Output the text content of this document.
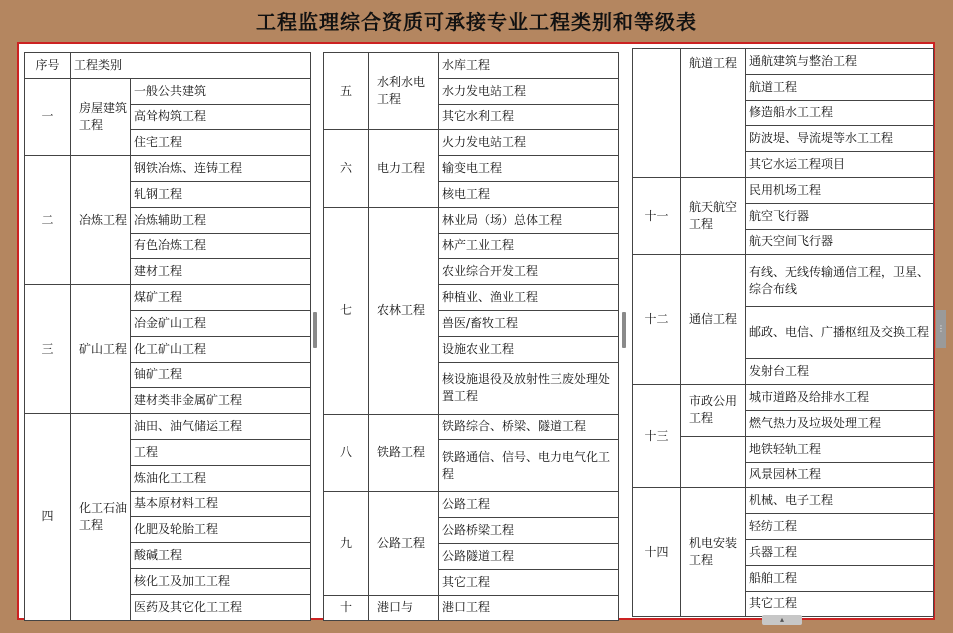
工程监理综合资质可承接专业工程类别和等级表
序号	工程类别	
一	房屋建筑工程	一般公共建筑
		高耸构筑工程
		住宅工程
二	冶炼工程	钢铁冶炼、连铸工程
		轧钢工程
		冶炼辅助工程
		有色冶炼工程
		建材工程
三	矿山工程	煤矿工程
		冶金矿山工程
		化工矿山工程
		铀矿工程
		建材类非金属矿工程
四	化工石油工程	油田、油气储运工程
		工程
		炼油化工工程
		基本原材料工程
		化肥及轮胎工程
		酸碱工程
		核化工及加工工程
		医药及其它化工工程
五	水利水电工程	水库工程
		水力发电站工程
		其它水利工程
六	电力工程	火力发电站工程
		输变电工程
		核电工程
七	农林工程	林业局（场）总体工程
		林产工业工程
		农业综合开发工程
		种植业、渔业工程
		兽医/畜牧工程
		设施农业工程
		核设施退役及放射性三废处理处置工程
八	铁路工程	铁路综合、桥梁、隧道工程
		铁路通信、信号、电力电气化工程
九	公路工程	公路工程
		公路桥梁工程
		公路隧道工程
		其它工程
十	港口与	港口工程
	航道工程	通航建筑与整治工程
		航道工程
		修造船水工工程
		防波堤、导流堤等水工工程
		其它水运工程项目
十一	航天航空工程	民用机场工程
		航空飞行器
		航天空间飞行器
十二	通信工程	有线、无线传输通信工程，卫星、综合布线
		邮政、电信、广播枢纽及交换工程
		发射台工程
十三	市政公用工程	城市道路及给排水工程
		燃气热力及垃圾处理工程
		地铁轻轨工程
		风景园林工程
十四	机电安装工程	机械、电子工程
		轻纺工程
		兵器工程
		船舶工程
		其它工程
⋮
▴
